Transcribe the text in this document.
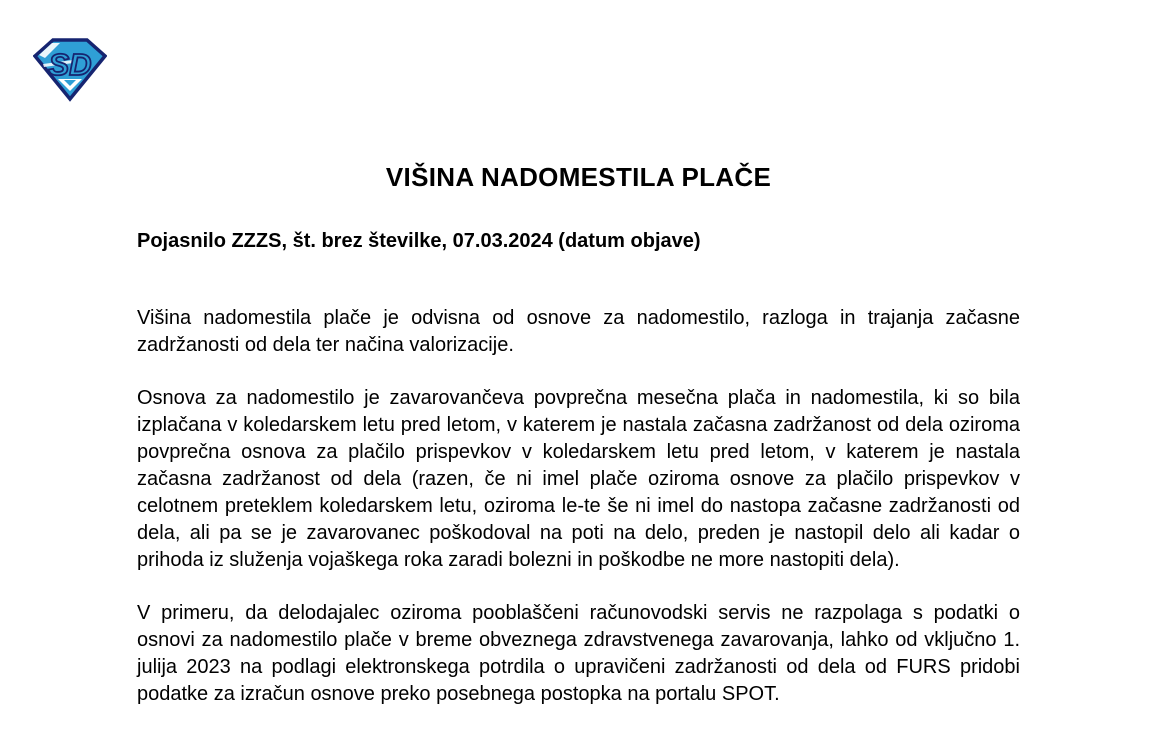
SD
VIŠINA NADOMESTILA PLAČE
Pojasnilo ZZZS, št. brez številke, 07.03.2024 (datum objave)

Višina nadomestila plače je odvisna od osnove za nadomestilo, razloga in trajanja začasne zadržanosti od dela ter načina valorizacije.

Osnova za nadomestilo je zavarovančeva povprečna mesečna plača in nadomestila, ki so bila izplačana v koledarskem letu pred letom, v katerem je nastala začasna zadržanost od dela oziroma povprečna osnova za plačilo prispevkov v koledarskem letu pred letom, v katerem je nastala začasna zadržanost od dela (razen, če ni imel plače oziroma osnove za plačilo prispevkov v celotnem preteklem koledarskem letu, oziroma le-te še ni imel do nastopa začasne zadržanosti od dela, ali pa se je zavarovanec poškodoval na poti na delo, preden je nastopil delo ali kadar o prihoda iz služenja vojaškega roka zaradi bolezni in poškodbe ne more nastopiti dela).

V primeru, da delodajalec oziroma pooblaščeni računovodski servis ne razpolaga s podatki o osnovi za nadomestilo plače v breme obveznega zdravstvenega zavarovanja, lahko od vključno 1. julija 2023 na podlagi elektronskega potrdila o upravičeni zadržanosti od dela od FURS pridobi podatke za izračun osnove preko posebnega postopka na portalu SPOT.
